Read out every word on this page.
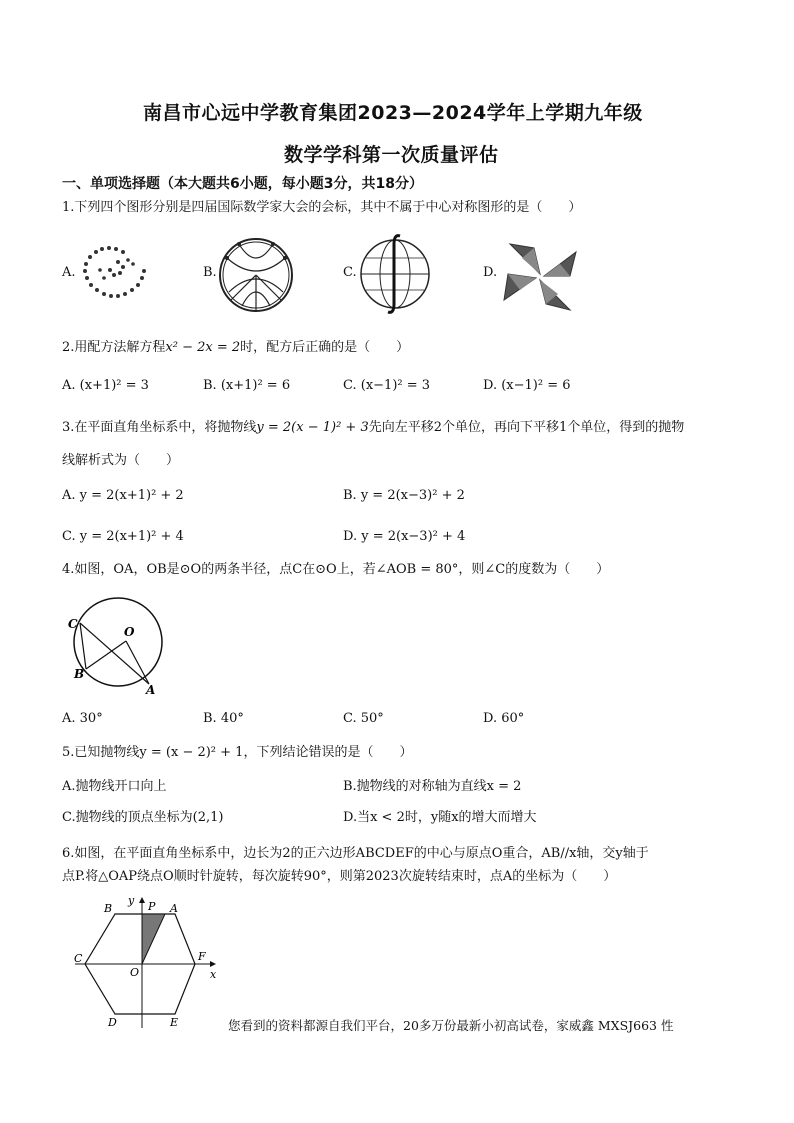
南昌市心远中学教育集团2023—2024学年上学期九年级
数学学科第一次质量评估
一、单项选择题（本大题共6小题，每小题3分，共18分）
1.下列四个图形分别是四届国际数学家大会的会标，其中不属于中心对称图形的是（　　）
A.	B.	C.	D.
2.用配方法解方程x² − 2x = 2时，配方后正确的是（　　）
A. (x+1)² = 3	B. (x+1)² = 6	C. (x−1)² = 3	D. (x−1)² = 6
3.在平面直角坐标系中，将抛物线y = 2(x − 1)² + 3先向左平移2个单位，再向下平移1个单位，得到的抛物
线解析式为（　　）
A. y = 2(x+1)² + 2	B. y = 2(x−3)² + 2
C. y = 2(x+1)² + 4	D. y = 2(x−3)² + 4
4.如图，OA，OB是⊙O的两条半径，点C在⊙O上，若∠AOB = 80°，则∠C的度数为（　　）
C
O
B
A
A. 30°	B. 40°	C. 50°	D. 60°
5.已知抛物线y = (x − 2)² + 1，下列结论错误的是（　　）
A.抛物线开口向上	B.抛物线的对称轴为直线x = 2
C.抛物线的顶点坐标为(2,1)	D.当x < 2时，y随x的增大而增大
6.如图，在平面直角坐标系中，边长为2的正六边形ABCDEF的中心与原点O重合，AB//x轴，交y轴于
点P.将△OAP绕点O顺时针旋转，每次旋转90°，则第2023次旋转结束时，点A的坐标为（　　）
B
y P A
C	F
x
O
D	E	您看到的资料都源自我们平台，20多万份最新小初高试卷，家威鑫 MXSJ663 性
